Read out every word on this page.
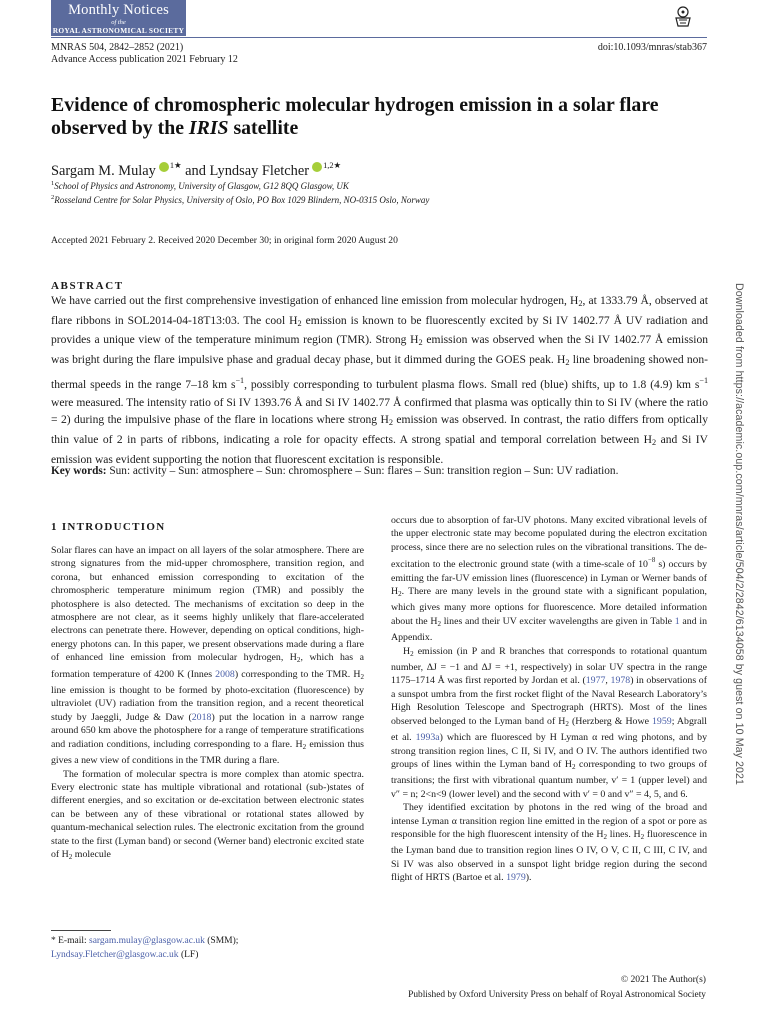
Monthly Notices
of the
ROYAL ASTRONOMICAL SOCIETY
MNRAS 504, 2842–2852 (2021)
Advance Access publication 2021 February 12
doi:10.1093/mnras/stab367
Evidence of chromospheric molecular hydrogen emission in a solar flare
observed by the IRIS satellite
Sargam M. Mulay $^{1★}$ and Lyndsay Fletcher $^{1,2★}$
$^1$School of Physics and Astronomy, University of Glasgow, G12 8QQ Glasgow, UK
$^2$Rosseland Centre for Solar Physics, University of Oslo, PO Box 1029 Blindern, NO-0315 Oslo, Norway
Accepted 2021 February 2. Received 2020 December 30; in original form 2020 August 20
ABSTRACT
We have carried out the first comprehensive investigation of enhanced line emission from molecular hydrogen, $H_2$, at 1333.79 Å, observed at flare ribbons in SOL2014-04-18T13:03. The cool $H_2$ emission is known to be fluorescently excited by Si IV 1402.77 Å UV radiation and provides a unique view of the temperature minimum region (TMR). Strong $H_2$ emission was observed when the Si IV 1402.77 Å emission was bright during the flare impulsive phase and gradual decay phase, but it dimmed during the GOES peak. $H_2$ line broadening showed non-thermal speeds in the range 7–18 km $s^{-1}$, possibly corresponding to turbulent plasma flows. Small red (blue) shifts, up to 1.8 (4.9) km $s^{-1}$ were measured. The intensity ratio of Si IV 1393.76 Å and Si IV 1402.77 Å confirmed that plasma was optically thin to Si IV (where the ratio = 2) during the impulsive phase of the flare in locations where strong $H_2$ emission was observed. In contrast, the ratio differs from optically thin value of 2 in parts of ribbons, indicating a role for opacity effects. A strong spatial and temporal correlation between $H_2$ and Si IV emission was evident supporting the notion that fluorescent excitation is responsible.
Key words: Sun: activity – Sun: atmosphere – Sun: chromosphere – Sun: flares – Sun: transition region – Sun: UV radiation.
1 INTRODUCTION

Solar flares can have an impact on all layers of the solar atmosphere. There are strong signatures from the mid-upper chromosphere, transition region, and corona, but enhanced emission corresponding to excitation of the chromospheric temperature minimum region (TMR) and possibly the photosphere is also detected. The mechanisms of excitation so deep in the atmosphere are not clear, as it seems highly unlikely that flare-accelerated electrons can penetrate there. However, depending on optical conditions, high-energy photons can. In this paper, we present observations made during a flare of enhanced line emission from molecular hydrogen, $H_2$, which has a formation temperature of 4200 K (Innes 2008) corresponding to the TMR. $H_2$ line emission is thought to be formed by photo-excitation (fluorescence) by ultraviolet (UV) radiation from the transition region, and a recent theoretical study by Jaeggli, Judge & Daw (2018) put the location in a narrow range around 650 km above the photosphere for a range of temperature stratifications and radiation conditions, including corresponding to a flare. $H_2$ emission thus gives a new view of conditions in the TMR during a flare.

The formation of molecular spectra is more complex than atomic spectra. Every electronic state has multiple vibrational and rotational (sub-)states of different energies, and so excitation or de-excitation between electronic states can be between any of these vibrational or rotational states allowed by quantum-mechanical selection rules. The electronic excitation from the ground state to the first (Lyman band) or second (Werner band) electronic excited state of $H_2$ molecule

occurs due to absorption of far-UV photons. Many excited vibrational levels of the upper electronic state may become populated during the electron excitation process, since there are no selection rules on the vibrational transitions. The de-excitation to the electronic ground state (with a time-scale of $10^{-8}$ s) occurs by emitting the far-UV emission lines (fluorescence) in Lyman or Werner bands of $H_2$. There are many levels in the ground state with a significant population, which gives many more options for fluorescence. More detailed information about the $H_2$ lines and their UV exciter wavelengths are given in Table 1 and in Appendix.

$H_2$ emission (in P and R branches that corresponds to rotational quantum number, ΔJ = −1 and ΔJ = +1, respectively) in solar UV spectra in the range 1175–1714 Å was first reported by Jordan et al. (1977, 1978) in observations of a sunspot umbra from the first rocket flight of the Naval Research Laboratory’s High Resolution Telescope and Spectrograph (HRTS). Most of the lines observed belonged to the Lyman band of $H_2$ (Herzberg & Howe 1959; Abgrall et al. 1993a) which are fluoresced by H Lyman α red wing photons, and by strong transition region lines, C II, Si IV, and O IV. The authors identified two groups of lines within the Lyman band of $H_2$ corresponding to two groups of transitions; the first with vibrational quantum number, v′ = 1 (upper level) and v″ = n; 2<n<9 (lower level) and the second with v′ = 0 and v″ = 4, 5, and 6.

They identified excitation by photons in the red wing of the broad and intense Lyman α transition region line emitted in the region of a spot or pore as responsible for the high fluorescent intensity of the $H_2$ lines. $H_2$ fluorescence in the Lyman band due to transition region lines O IV, O V, C II, C III, C IV, and Si IV was also observed in a sunspot light bridge region during the second flight of HRTS (Bartoe et al. 1979).

* E-mail: sargam.mulay@glasgow.ac.uk (SMM);
Lyndsay.Fletcher@glasgow.ac.uk (LF)
© 2021 The Author(s)
Published by Oxford University Press on behalf of Royal Astronomical Society
Downloaded from https://academic.oup.com/mnras/article/504/2/2842/6134058 by guest on 10 May 2021
